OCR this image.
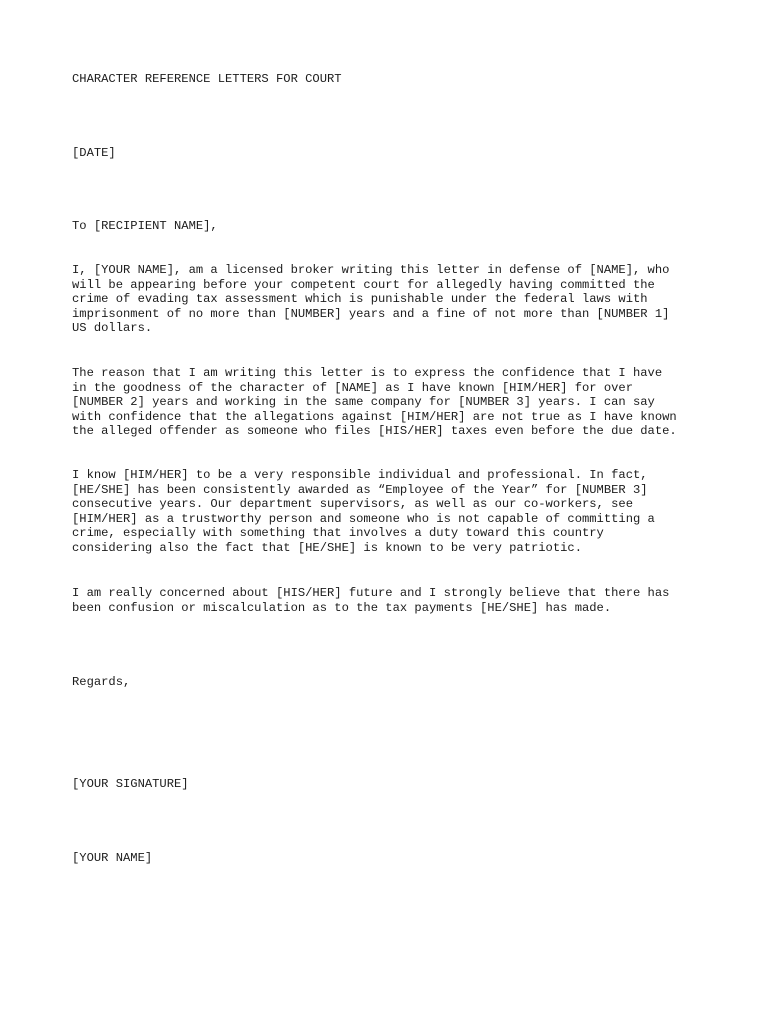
CHARACTER REFERENCE LETTERS FOR COURT
[DATE]
To [RECIPIENT NAME],
I, [YOUR NAME], am a licensed broker writing this letter in defense of [NAME], who
will be appearing before your competent court for allegedly having committed the
crime of evading tax assessment which is punishable under the federal laws with
imprisonment of no more than [NUMBER] years and a fine of not more than [NUMBER 1]
US dollars.
The reason that I am writing this letter is to express the confidence that I have
in the goodness of the character of [NAME] as I have known [HIM/HER] for over
[NUMBER 2] years and working in the same company for [NUMBER 3] years. I can say
with confidence that the allegations against [HIM/HER] are not true as I have known
the alleged offender as someone who files [HIS/HER] taxes even before the due date.
I know [HIM/HER] to be a very responsible individual and professional. In fact,
[HE/SHE] has been consistently awarded as “Employee of the Year” for [NUMBER 3]
consecutive years. Our department supervisors, as well as our co-workers, see
[HIM/HER] as a trustworthy person and someone who is not capable of committing a
crime, especially with something that involves a duty toward this country
considering also the fact that [HE/SHE] is known to be very patriotic.
I am really concerned about [HIS/HER] future and I strongly believe that there has
been confusion or miscalculation as to the tax payments [HE/SHE] has made.
Regards,
[YOUR SIGNATURE]
[YOUR NAME]
